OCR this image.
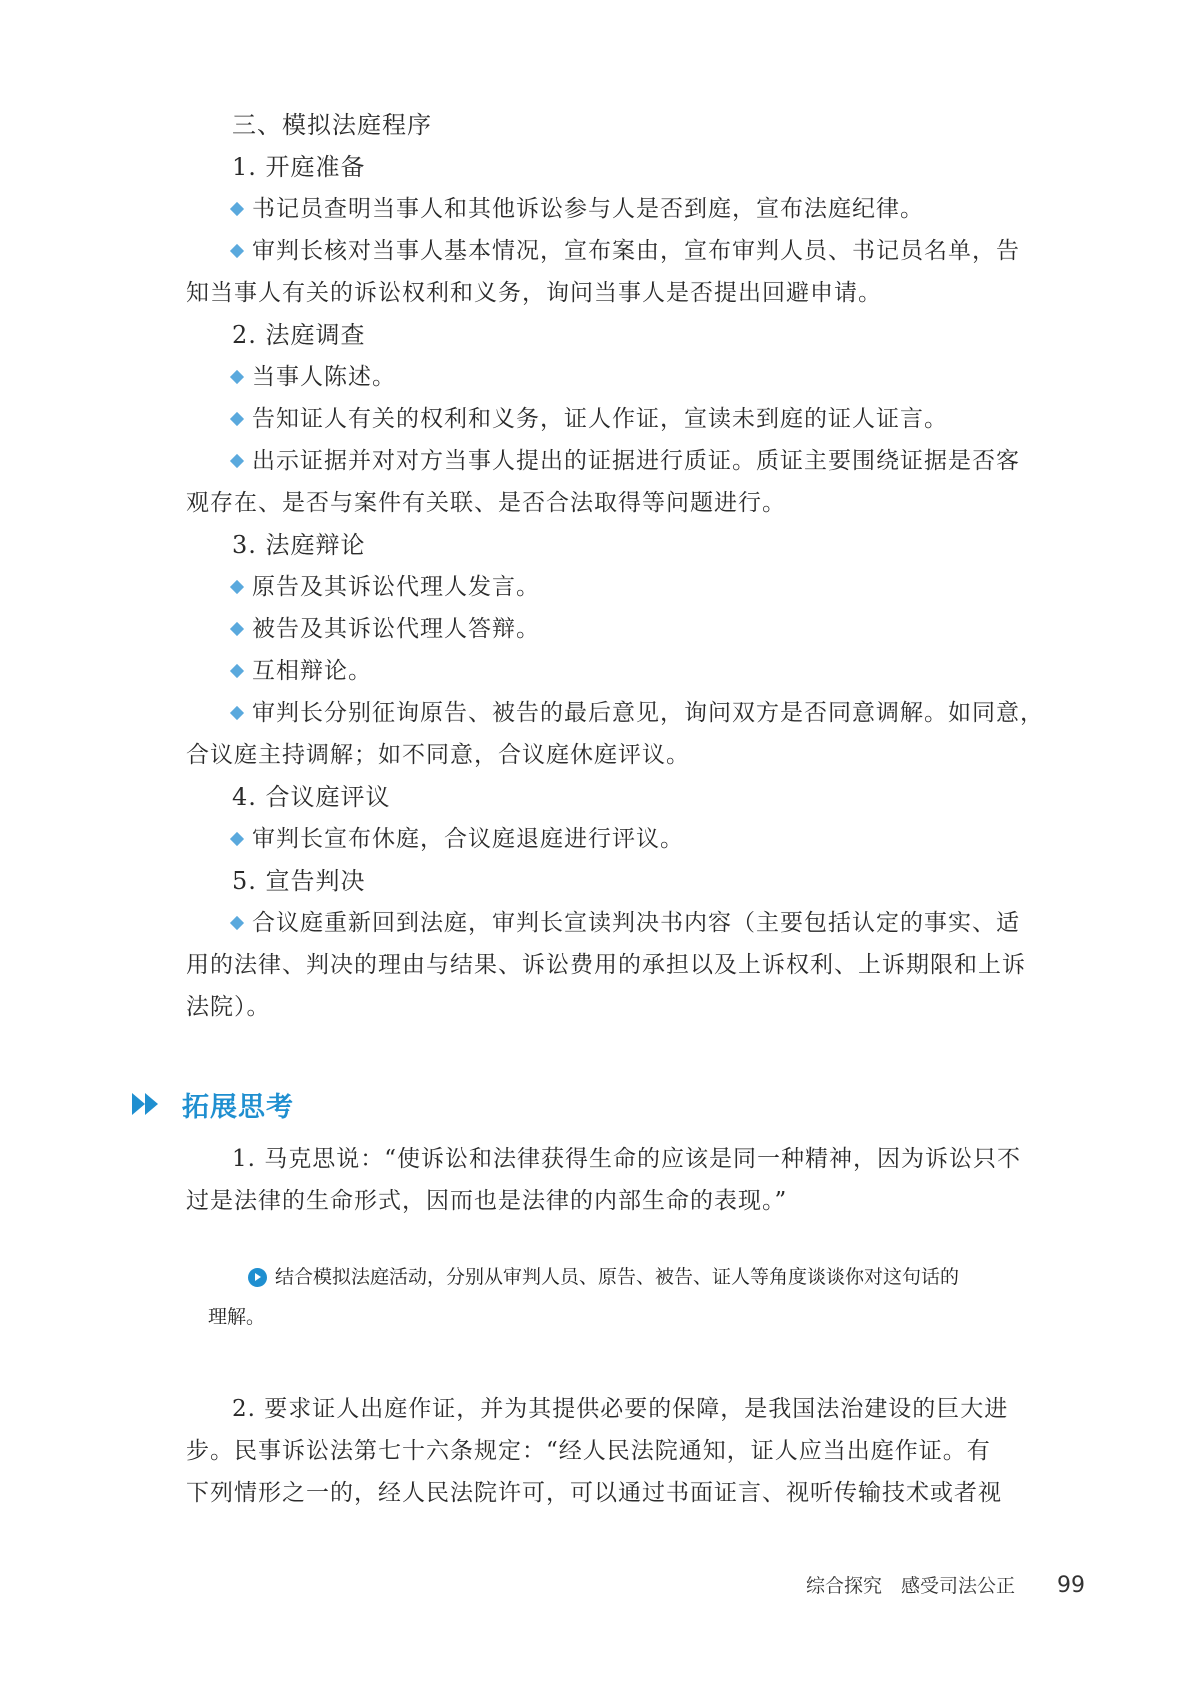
三、模拟法庭程序

1. 开庭准备

书记员查明当事人和其他诉讼参与人是否到庭，宣布法庭纪律。

审判长核对当事人基本情况，宣布案由，宣布审判人员、书记员名单，告

知当事人有关的诉讼权利和义务，询问当事人是否提出回避申请。

2. 法庭调查

当事人陈述。

告知证人有关的权利和义务，证人作证，宣读未到庭的证人证言。

出示证据并对对方当事人提出的证据进行质证。质证主要围绕证据是否客

观存在、是否与案件有关联、是否合法取得等问题进行。

3. 法庭辩论

原告及其诉讼代理人发言。

被告及其诉讼代理人答辩。

互相辩论。

审判长分别征询原告、被告的最后意见，询问双方是否同意调解。如同意，

合议庭主持调解；如不同意，合议庭休庭评议。

4. 合议庭评议

审判长宣布休庭，合议庭退庭进行评议。

5. 宣告判决

合议庭重新回到法庭，审判长宣读判决书内容（主要包括认定的事实、适

用的法律、判决的理由与结果、诉讼费用的承担以及上诉权利、上诉期限和上诉

法院）。

拓展思考

1. 马克思说：“使诉讼和法律获得生命的应该是同一种精神，因为诉讼只不

过是法律的生命形式，因而也是法律的内部生命的表现。”

结合模拟法庭活动，分别从审判人员、原告、被告、证人等角度谈谈你对这句话的
理解。

2. 要求证人出庭作证，并为其提供必要的保障，是我国法治建设的巨大进

步。民事诉讼法第七十六条规定：“经人民法院通知，证人应当出庭作证。有

下列情形之一的，经人民法院许可，可以通过书面证言、视听传输技术或者视

综合探究　感受司法公正 99
